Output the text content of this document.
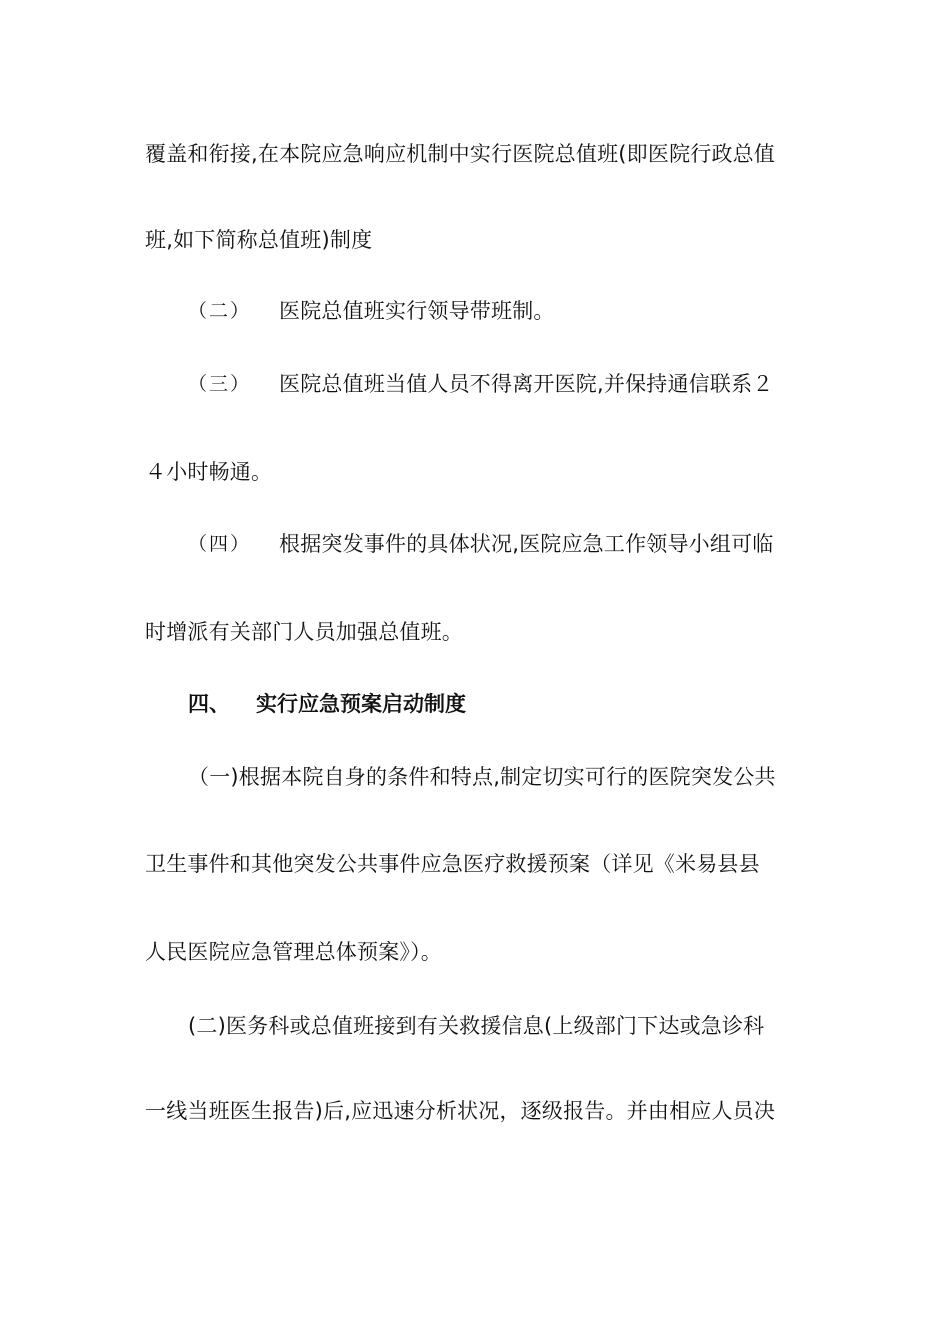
覆盖和衔接,在本院应急响应机制中实行医院总值班(即医院行政总值
班,如下简称总值班)制度
（二） 医院总值班实行领导带班制。
（三） 医院总值班当值人员不得离开医院,并保持通信联系２
４小时畅通。
（四） 根据突发事件的具体状况,医院应急工作领导小组可临
时增派有关部门人员加强总值班。
四、 实行应急预案启动制度
（一)根据本院自身的条件和特点,制定切实可行的医院突发公共
卫生事件和其他突发公共事件应急医疗救援预案（详见《米易县县
人民医院应急管理总体预案》）。
(二)医务科或总值班接到有关救援信息(上级部门下达或急诊科
一线当班医生报告)后,应迅速分析状况，逐级报告。并由相应人员决
